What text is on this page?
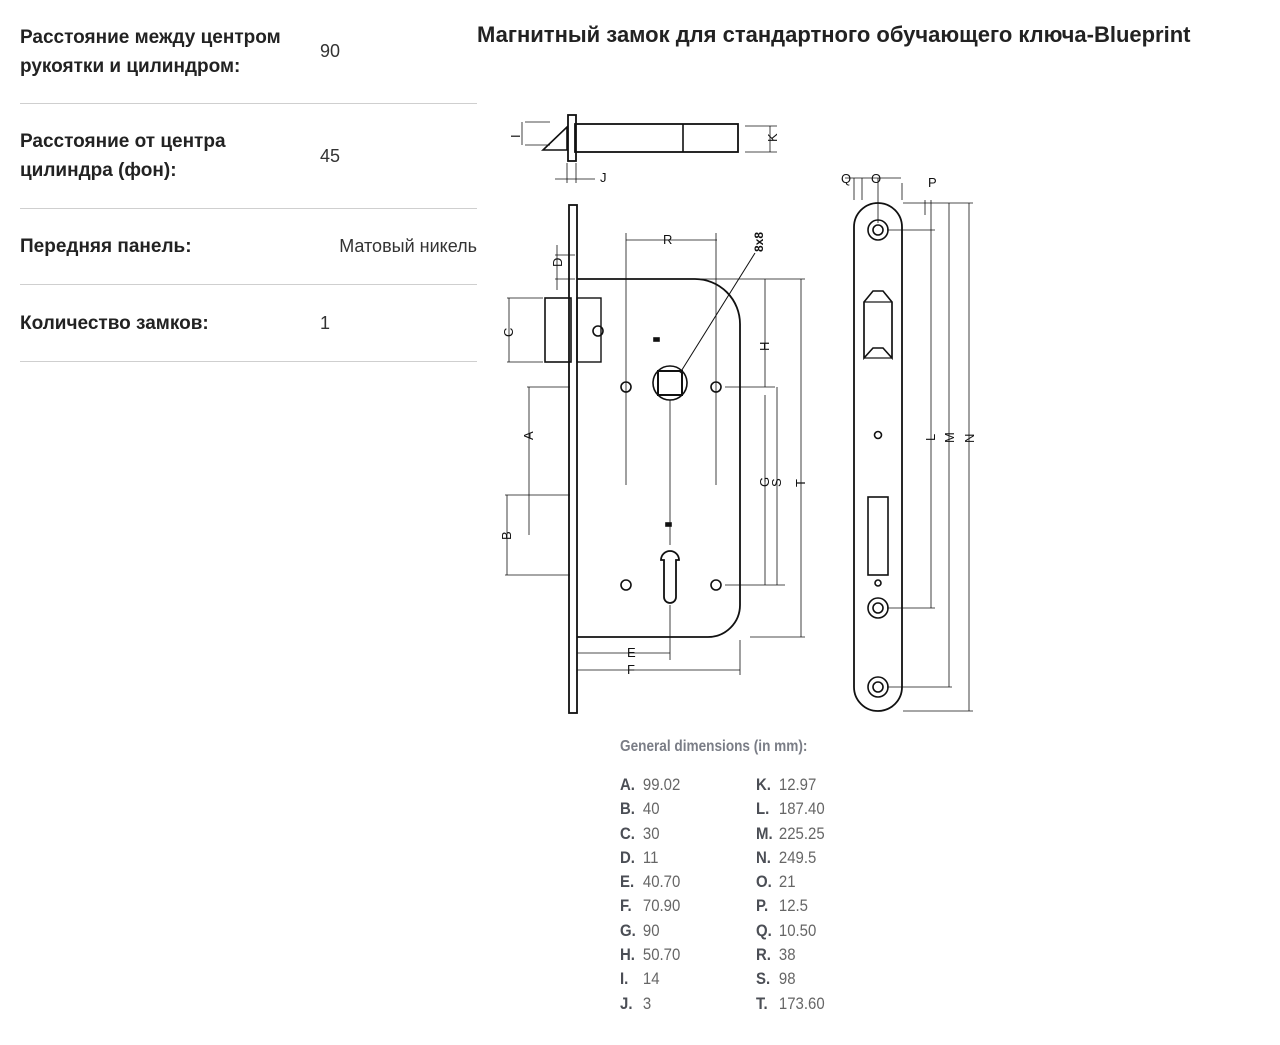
Расстояние между центром рукоятки и цилиндром:
90
Расстояние от центра цилиндра (фон):
45
Передняя панель:	Матовый никель
Количество замков:	1
Магнитный замок для стандартного обучающего ключа-Blueprint
K
I
J
R	8x8
D
C
A
B
H
G
S T
E
F
Q O	P
L M N
General dimensions (in mm):
A. 99.02
B. 40
C. 30
D. 11
E. 40.70
F. 70.90
G. 90
H. 50.70
I. 14
J. 3
K. 12.97
L. 187.40
M. 225.25
N. 249.5
O. 21
P. 12.5
Q. 10.50
R. 38
S. 98
T. 173.60
